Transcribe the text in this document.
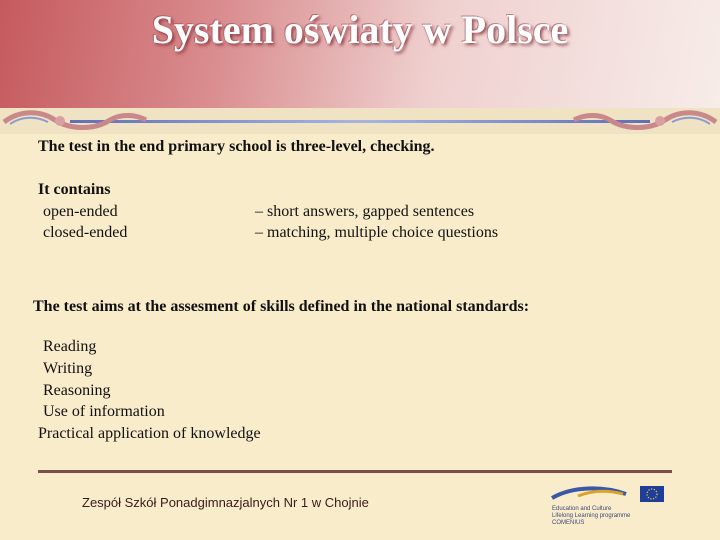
System oświaty w Polsce
The test in the end primary school is three-level, checking.
It contains
open-ended	– short answers, gapped sentences
closed-ended	– matching, multiple choice questions
The test aims at the assesment of skills defined in the national standards:
Reading
Writing
Reasoning
Use of information
Practical application of knowledge
Zespół Szkół Ponadgimnazjalnych Nr 1 w Chojnie	Education and Culture
Lifelong Learning programme
COMENIUS
